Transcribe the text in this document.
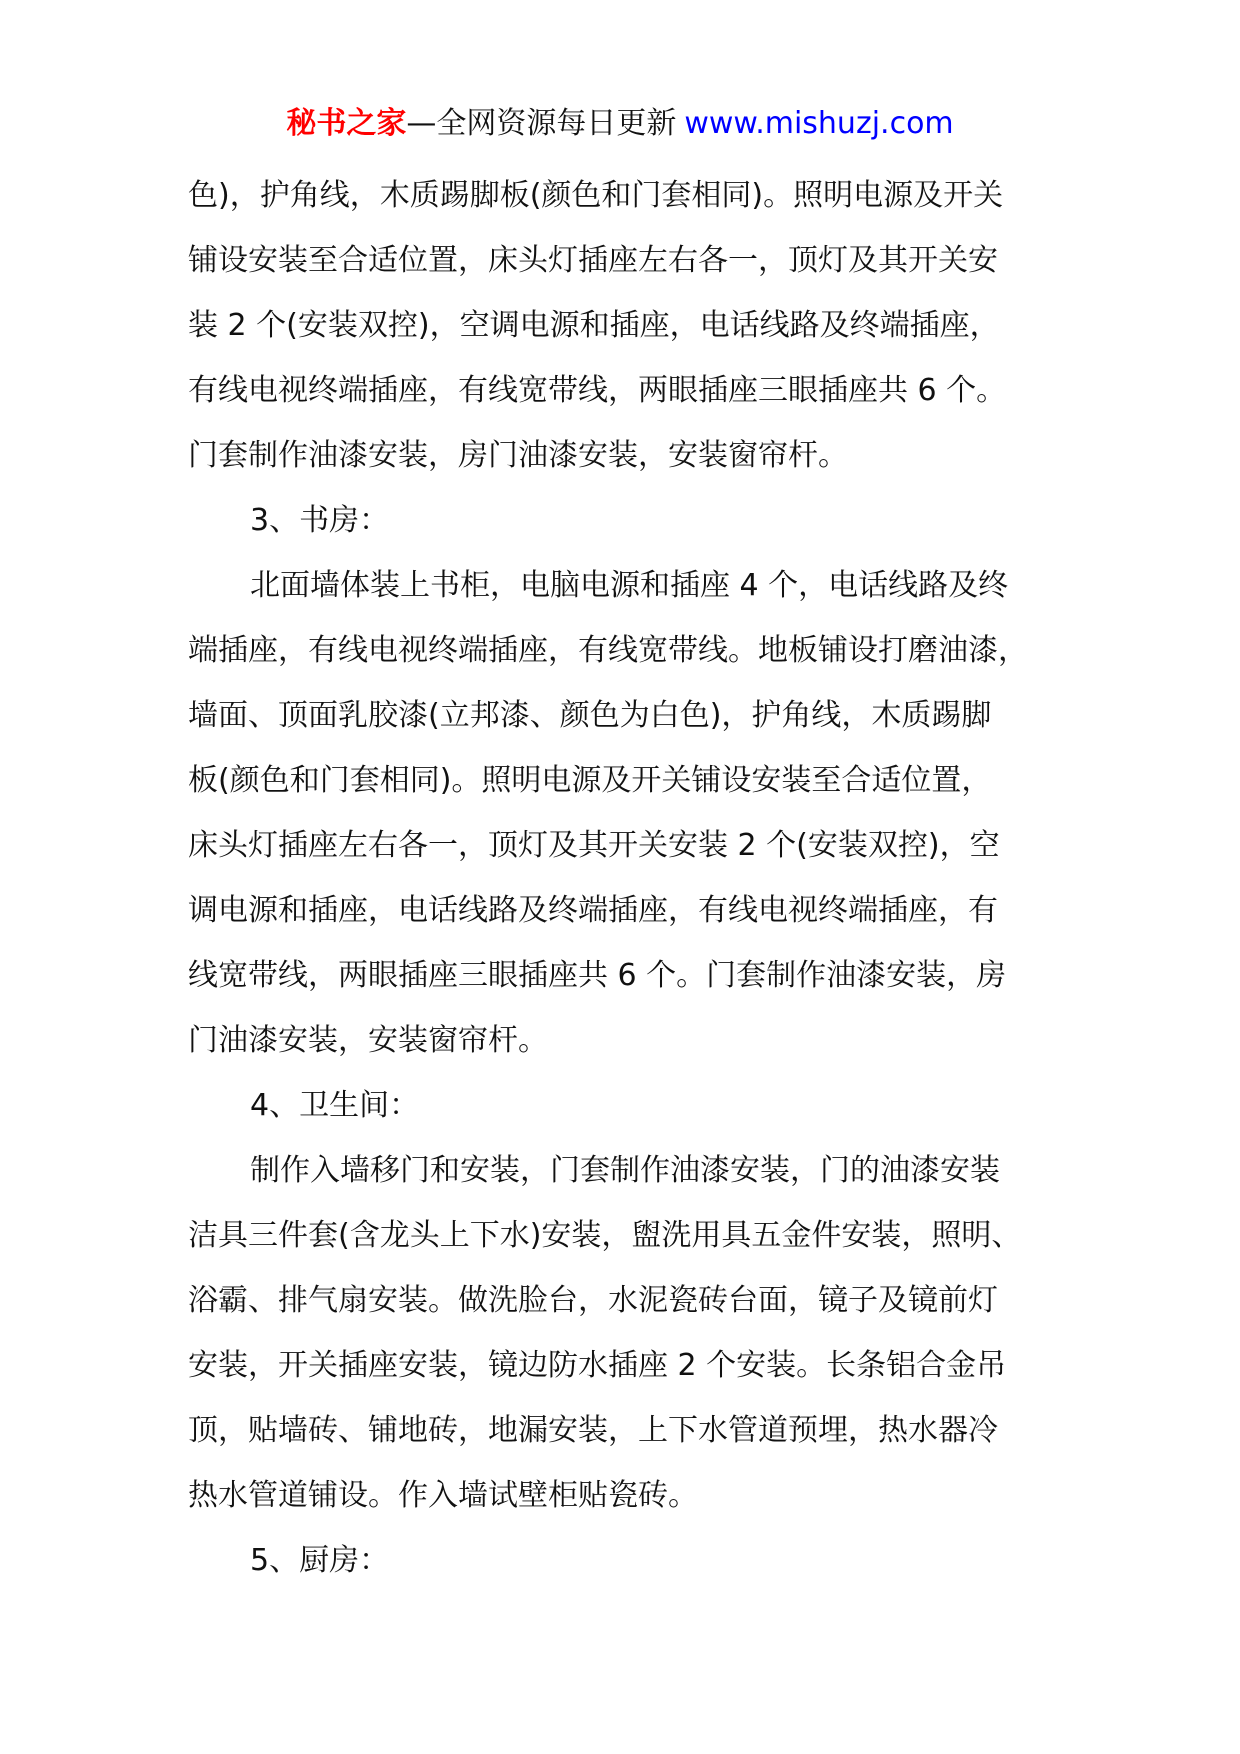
秘书之家—全网资源每日更新 www.mishuzj.com
色)，护角线，木质踢脚板(颜色和门套相同)。照明电源及开关
铺设安装至合适位置，床头灯插座左右各一，顶灯及其开关安
装 2 个(安装双控)，空调电源和插座，电话线路及终端插座，
有线电视终端插座，有线宽带线，两眼插座三眼插座共 6 个。
门套制作油漆安装，房门油漆安装，安装窗帘杆。
3、书房：
北面墙体装上书柜，电脑电源和插座 4 个，电话线路及终
端插座，有线电视终端插座，有线宽带线。地板铺设打磨油漆，
墙面、顶面乳胶漆(立邦漆、颜色为白色)，护角线，木质踢脚
板(颜色和门套相同)。照明电源及开关铺设安装至合适位置，
床头灯插座左右各一，顶灯及其开关安装 2 个(安装双控)，空
调电源和插座，电话线路及终端插座，有线电视终端插座，有
线宽带线，两眼插座三眼插座共 6 个。门套制作油漆安装，房
门油漆安装，安装窗帘杆。
4、卫生间：
制作入墙移门和安装，门套制作油漆安装，门的油漆安装
洁具三件套(含龙头上下水)安装，盥洗用具五金件安装，照明、
浴霸、排气扇安装。做洗脸台，水泥瓷砖台面，镜子及镜前灯
安装，开关插座安装，镜边防水插座 2 个安装。长条铝合金吊
顶，贴墙砖、铺地砖，地漏安装，上下水管道预埋，热水器冷
热水管道铺设。作入墙试壁柜贴瓷砖。
5、厨房：
